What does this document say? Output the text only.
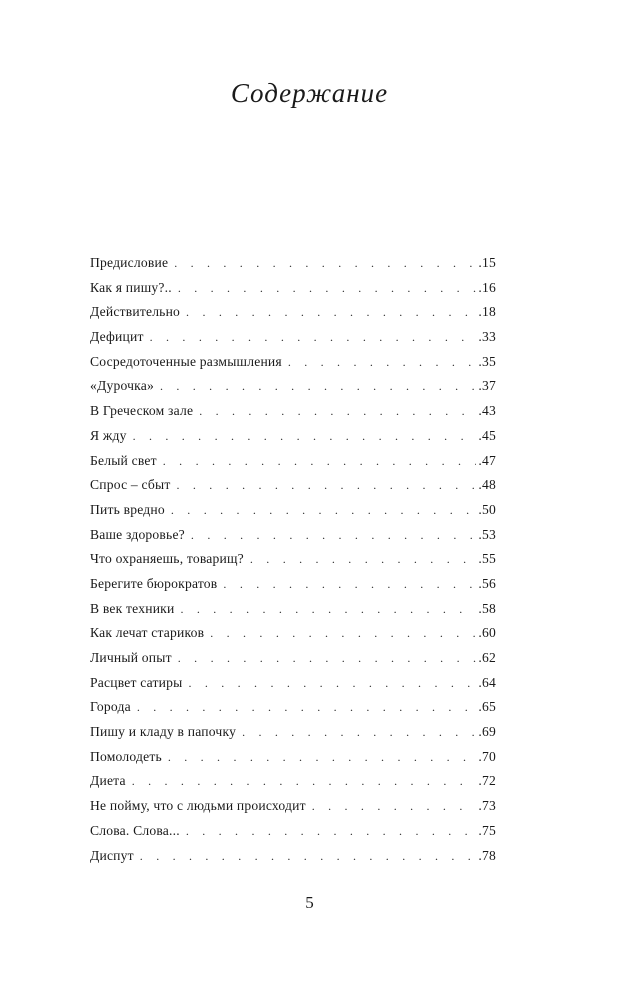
Содержание
Предисловие . . .	.15
Как я пишу?.. . . .	.16
Действительно . . .	.18
Дефицит . . .	.33
Сосредоточенные размышления . . .	.35
«Дурочка» . . .	.37
В Греческом зале . . .	.43
Я жду . . .	.45
Белый свет . . .	.47
Спрос – сбыт . . .	.48
Пить вредно . . .	.50
Ваше здоровье? . . .	.53
Что охраняешь, товарищ? . . .	.55
Берегите бюрократов . . .	.56
В век техники . . .	.58
Как лечат стариков . . .	.60
Личный опыт . . .	.62
Расцвет сатиры . . .	.64
Города . . .	.65
Пишу и кладу в папочку . . .	.69
Помолодеть . . .	.70
Диета . . .	.72
Не пойму, что с людьми происходит . . .	.73
Слова. Слова... . . .	.75
Диспут . . .	.78
5
